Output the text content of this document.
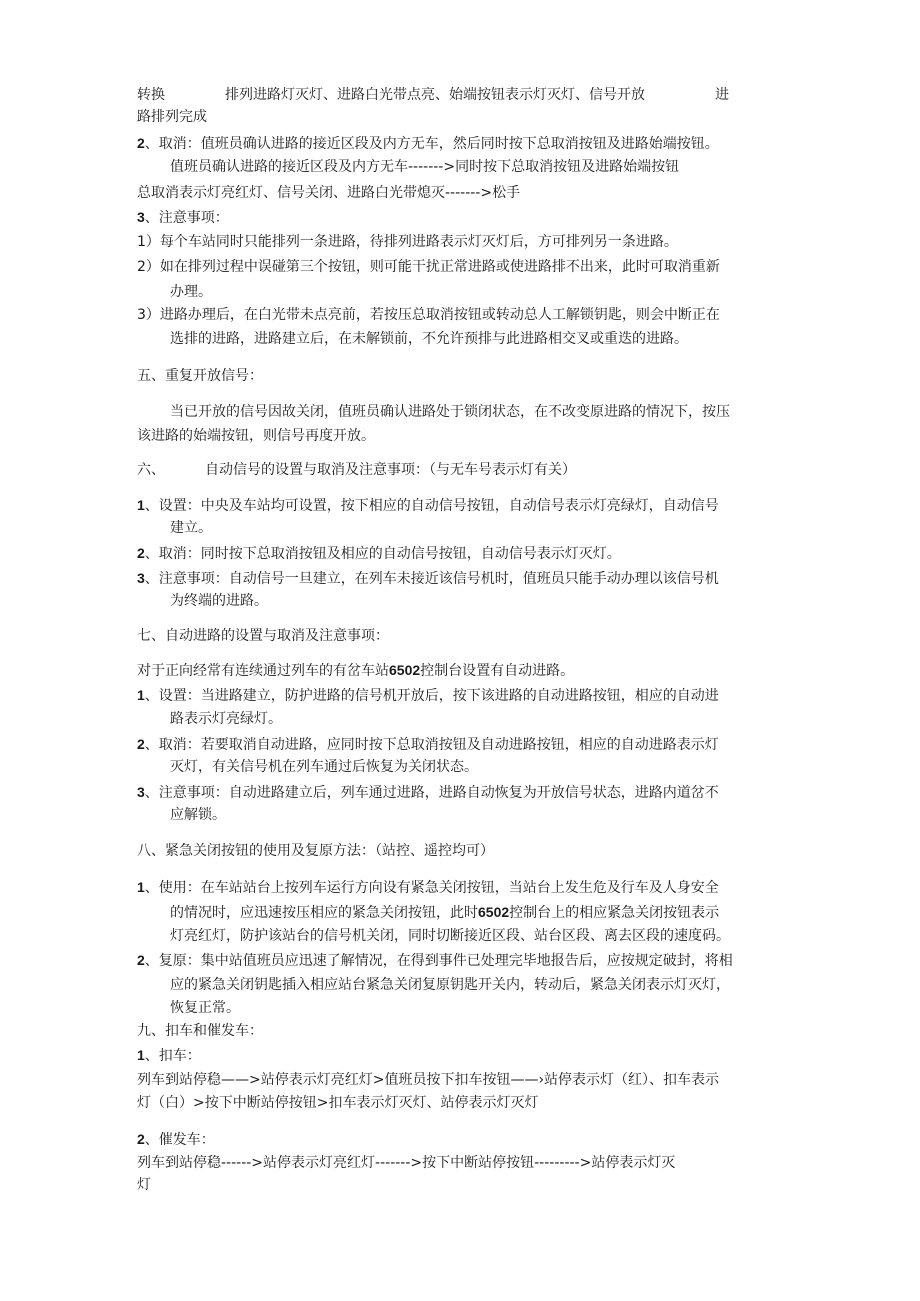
转换	排列进路灯灭灯、进路白光带点亮、始端按钮表示灯灭灯、信号开放	进
路排列完成
2、取消：值班员确认进路的接近区段及内方无车，然后同时按下总取消按钮及进路始端按钮。
值班员确认进路的接近区段及内方无车------->同时按下总取消按钮及进路始端按钮
总取消表示灯亮红灯、信号关闭、进路白光带熄灭------->松手
3、注意事项：
1）每个车站同时只能排列一条进路，待排列进路表示灯灭灯后，方可排列另一条进路。
2）如在排列过程中误碰第三个按钮，则可能干扰正常进路或使进路排不出来，此时可取消重新
办理。
3）进路办理后，在白光带未点亮前，若按压总取消按钮或转动总人工解锁钥匙，则会中断正在
选排的进路，进路建立后，在未解锁前，不允许预排与此进路相交叉或重迭的进路。
五、重复开放信号：
当已开放的信号因故关闭，值班员确认进路处于锁闭状态，在不改变原进路的情况下，按压
该进路的始端按钮，则信号再度开放。
六、	自动信号的设置与取消及注意事项：（与无车号表示灯有关）
1、设置：中央及车站均可设置，按下相应的自动信号按钮，自动信号表示灯亮绿灯，自动信号
建立。
2、取消：同时按下总取消按钮及相应的自动信号按钮，自动信号表示灯灭灯。
3、注意事项：自动信号一旦建立，在列车未接近该信号机时，值班员只能手动办理以该信号机
为终端的进路。
七、自动进路的设置与取消及注意事项：
对于正向经常有连续通过列车的有岔车站6502控制台设置有自动进路。
1、设置：当进路建立，防护进路的信号机开放后，按下该进路的自动进路按钮，相应的自动进
路表示灯亮绿灯。
2、取消：若要取消自动进路，应同时按下总取消按钮及自动进路按钮，相应的自动进路表示灯
灭灯，有关信号机在列车通过后恢复为关闭状态。
3、注意事项：自动进路建立后，列车通过进路，进路自动恢复为开放信号状态，进路内道岔不
应解锁。
八、紧急关闭按钮的使用及复原方法：（站控、遥控均可）
1、使用：在车站站台上按列车运行方向设有紧急关闭按钮，当站台上发生危及行车及人身安全
的情况时，应迅速按压相应的紧急关闭按钮，此时6502控制台上的相应紧急关闭按钮表示
灯亮红灯，防护该站台的信号机关闭，同时切断接近区段、站台区段、离去区段的速度码。
2、复原：集中站值班员应迅速了解情况，在得到事件已处理完毕地报告后，应按规定破封，将相
应的紧急关闭钥匙插入相应站台紧急关闭复原钥匙开关内，转动后，紧急关闭表示灯灭灯，
恢复正常。
九、扣车和催发车：
1、扣车：
列车到站停稳——>站停表示灯亮红灯>值班员按下扣车按钮——›站停表示灯（红）、扣车表示
灯（白）>按下中断站停按钮>扣车表示灯灭灯、站停表示灯灭灯
2、催发车：
列车到站停稳------>站停表示灯亮红灯------->按下中断站停按钮--------->站停表示灯灭
灯
